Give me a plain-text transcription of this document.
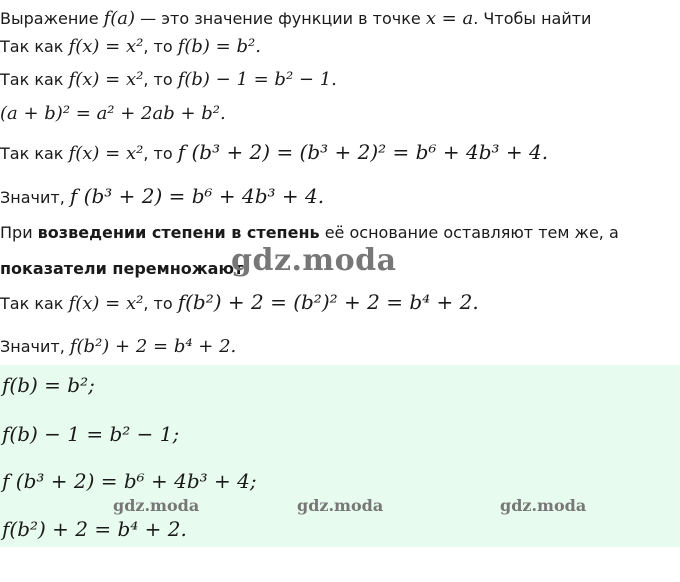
Выражение f(a) — это значение функции в точке x = a. Чтобы найти
Так как f(x) = x², то f(b) = b².
Так как f(x) = x², то f(b) − 1 = b² − 1.
(a + b)² = a² + 2ab + b².
Так как f(x) = x², то f (b³ + 2) = (b³ + 2)² = b⁶ + 4b³ + 4.
Значит, f (b³ + 2) = b⁶ + 4b³ + 4.
При возведении степени в степень её основание оставляют тем же, а
показатели перемножают.
Так как f(x) = x², то f(b²) + 2 = (b²)² + 2 = b⁴ + 2.
Значит, f(b²) + 2 = b⁴ + 2.
gdz.moda
f(b) = b²;
f(b) − 1 = b² − 1;
f (b³ + 2) = b⁶ + 4b³ + 4;
f(b²) + 2 = b⁴ + 2.
gdz.moda	gdz.moda	gdz.moda
